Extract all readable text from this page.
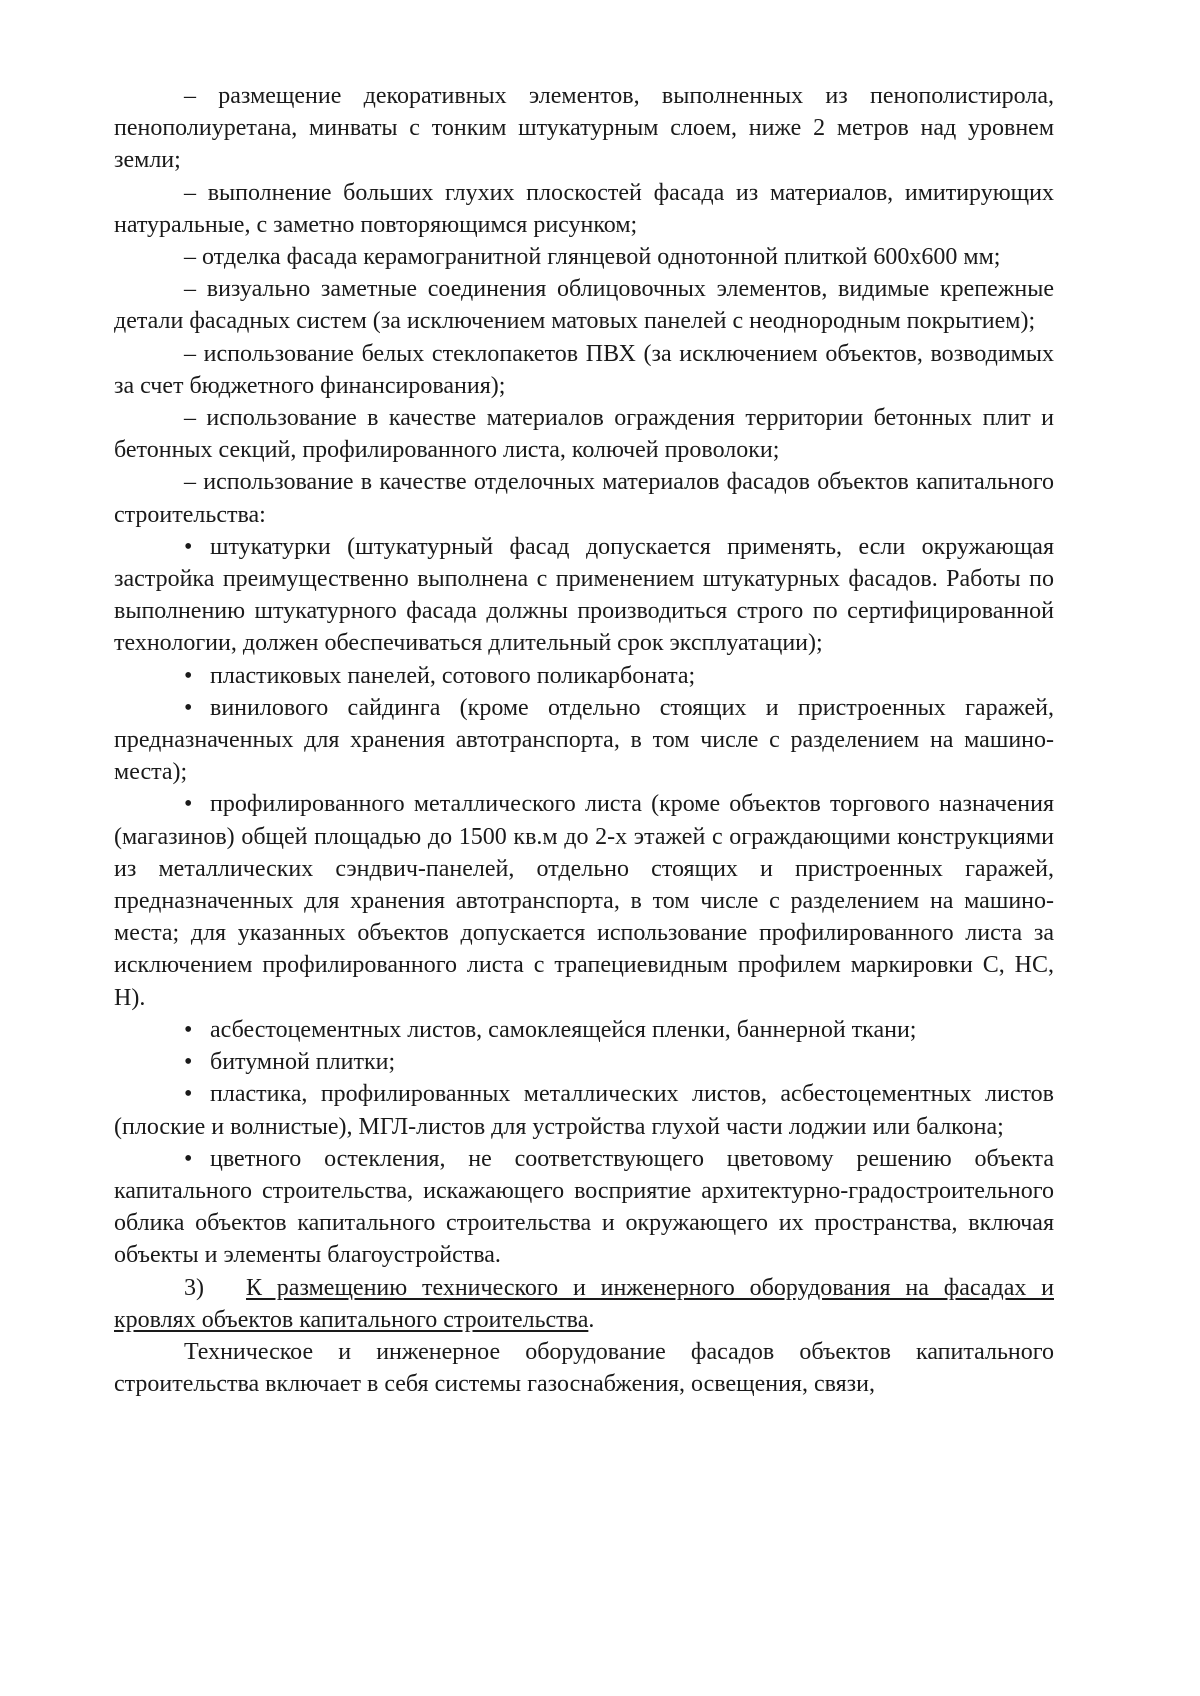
– размещение декоративных элементов, выполненных из пенополистирола, пенополиуретана, минваты с тонким штукатурным слоем, ниже 2 метров над уровнем земли;

– выполнение больших глухих плоскостей фасада из материалов, имитирующих натуральные, с заметно повторяющимся рисунком;

– отделка фасада керамогранитной глянцевой однотонной плиткой 600х600 мм;

– визуально заметные соединения облицовочных элементов, видимые крепежные детали фасадных систем (за исключением матовых панелей с неоднородным покрытием);

– использование белых стеклопакетов ПВХ (за исключением объектов, возводимых за счет бюджетного финансирования);

– использование в качестве материалов ограждения территории бетонных плит и бетонных секций, профилированного листа, колючей проволоки;

– использование в качестве отделочных материалов фасадов объектов капитального строительства:

• штукатурки (штукатурный фасад допускается применять, если окружающая застройка преимущественно выполнена с применением штукатурных фасадов. Работы по выполнению штукатурного фасада должны производиться строго по сертифицированной технологии, должен обеспечиваться длительный срок эксплуатации);

• пластиковых панелей, сотового поликарбоната;

• винилового сайдинга (кроме отдельно стоящих и пристроенных гаражей, предназначенных для хранения автотранспорта, в том числе с разделением на машино-места);

• профилированного металлического листа (кроме объектов торгового назначения (магазинов) общей площадью до 1500 кв.м до 2-х этажей с ограждающими конструкциями из металлических сэндвич-панелей, отдельно стоящих и пристроенных гаражей, предназначенных для хранения автотранспорта, в том числе с разделением на машино-места; для указанных объектов допускается использование профилированного листа за исключением профилированного листа с трапециевидным профилем маркировки С, НС, Н).

• асбестоцементных листов, самоклеящейся пленки, баннерной ткани;

• битумной плитки;

• пластика, профилированных металлических листов, асбестоцементных листов (плоские и волнистые), МГЛ-листов для устройства глухой части лоджии или балкона;

• цветного остекления, не соответствующего цветовому решению объекта капитального строительства, искажающего восприятие архитектурно-градостроительного облика объектов капитального строительства и окружающего их пространства, включая объекты и элементы благоустройства.

3) К размещению технического и инженерного оборудования на фасадах и кровлях объектов капитального строительства.

Техническое и инженерное оборудование фасадов объектов капитального строительства включает в себя системы газоснабжения, освещения, связи,
